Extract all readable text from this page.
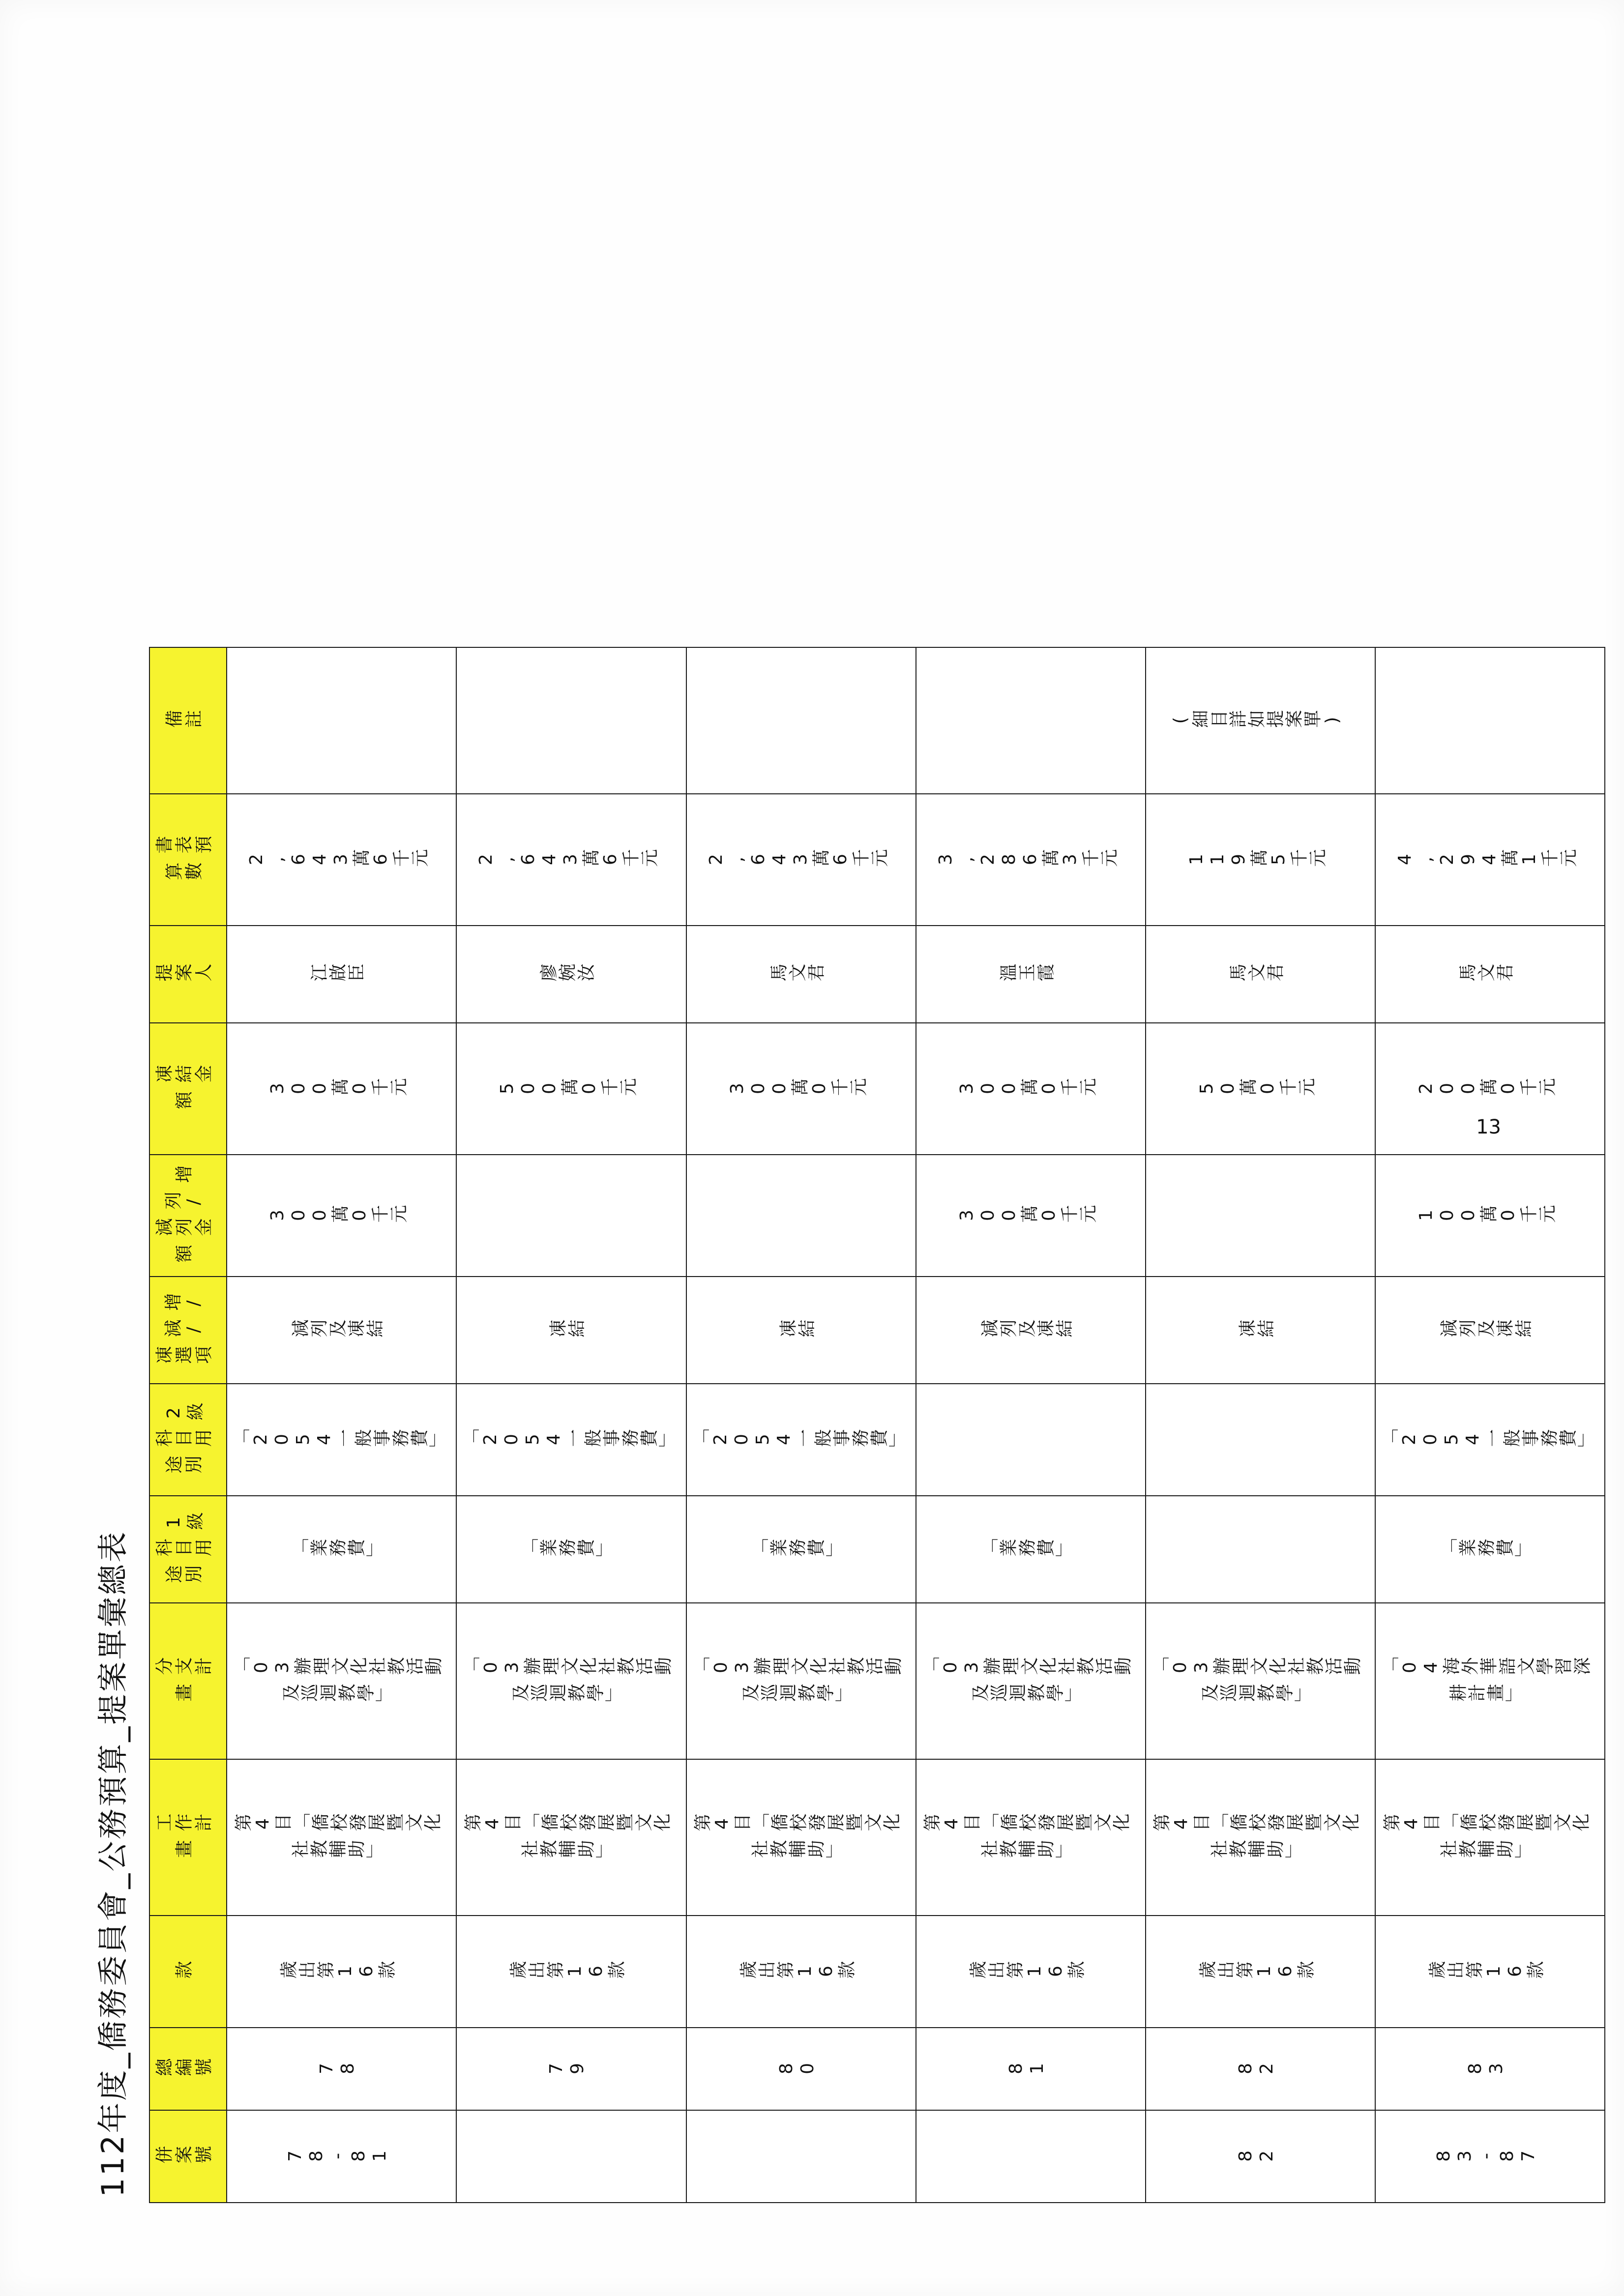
112年度_僑務委員會_公務預算_提案單彙總表 併案號	總編號	款	工作計畫	分支計畫	1級科目用途別	2級科目用途別	增/減/凍選項	增列/減列金額	凍結金額	提案人	書表預算數	備註
78-81	78	歲出第16款	第4目「僑校發展暨文化社教輔助」	「03辦理文化社教活動及巡迴教學」	「業務費」	「2054一般事務費」	減列及凍結	300萬0千元	300萬0千元	江啟臣	2,643萬6千元	
	79	歲出第16款	第4目「僑校發展暨文化社教輔助」	「03辦理文化社教活動及巡迴教學」	「業務費」	「2054一般事務費」	凍結		500萬0千元	廖婉汝	2,643萬6千元	
	80	歲出第16款	第4目「僑校發展暨文化社教輔助」	「03辦理文化社教活動及巡迴教學」	「業務費」	「2054一般事務費」	凍結		300萬0千元	馬文君	2,643萬6千元	
	81	歲出第16款	第4目「僑校發展暨文化社教輔助」	「03辦理文化社教活動及巡迴教學」	「業務費」		減列及凍結	300萬0千元	300萬0千元	溫玉霞	3,286萬3千元	
82	82	歲出第16款	第4目「僑校發展暨文化社教輔助」	「03辦理文化社教活動及巡迴教學」			凍結		50萬0千元	馬文君	119萬5千元	(細目詳如提案單)
83-87	83	歲出第16款	第4目「僑校發展暨文化社教輔助」	「04海外華語文學習深耕計畫」	「業務費」	「2054一般事務費」	減列及凍結	100萬0千元	200萬0千元	馬文君	4,294萬1千元	
13
